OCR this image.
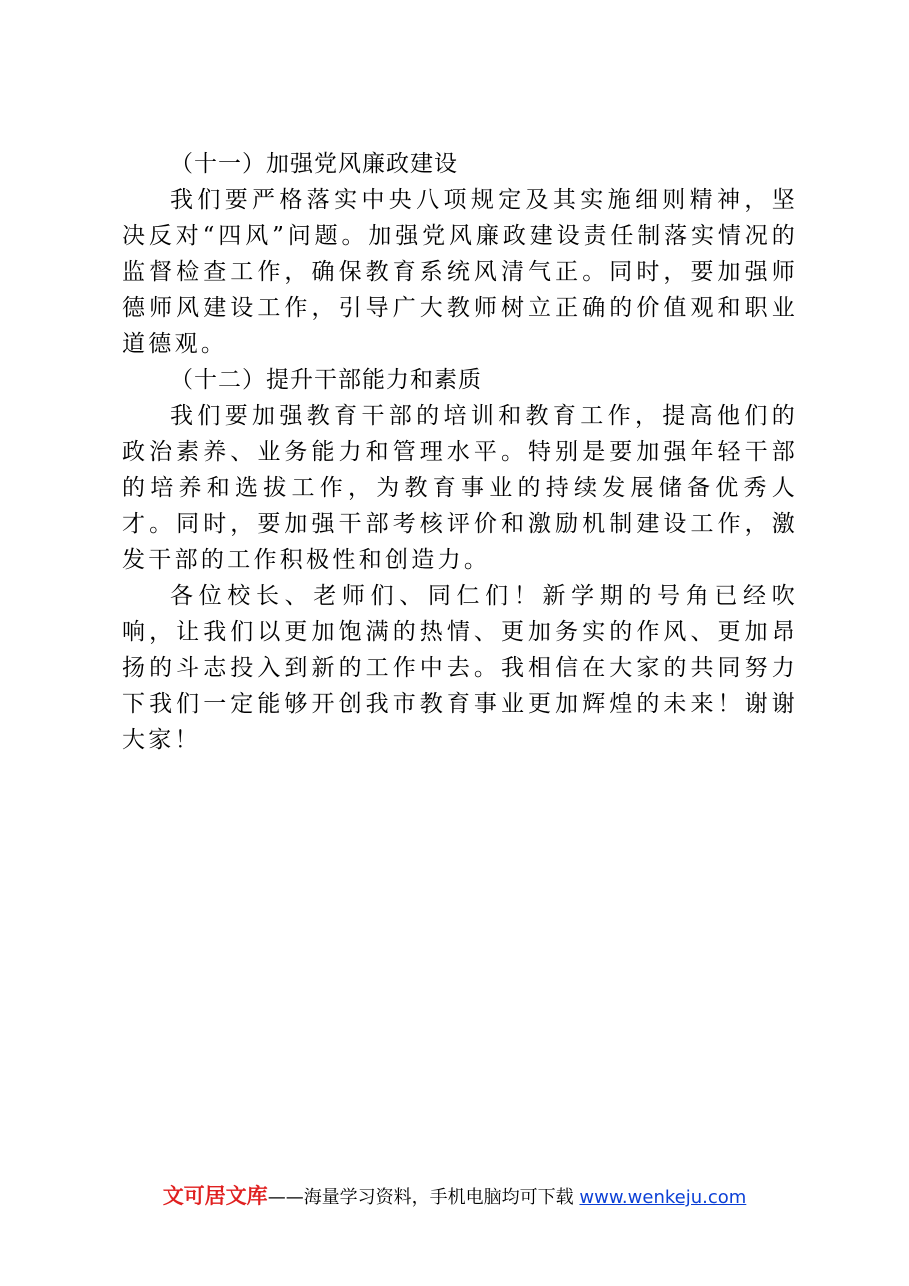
（十一）加强党风廉政建设

我们要严格落实中央八项规定及其实施细则精神，坚决反对“四风”问题。加强党风廉政建设责任制落实情况的监督检查工作，确保教育系统风清气正。同时，要加强师德师风建设工作，引导广大教师树立正确的价值观和职业道德观。

（十二）提升干部能力和素质

我们要加强教育干部的培训和教育工作，提高他们的政治素养、业务能力和管理水平。特别是要加强年轻干部的培养和选拔工作，为教育事业的持续发展储备优秀人才。同时，要加强干部考核评价和激励机制建设工作，激发干部的工作积极性和创造力。

各位校长、老师们、同仁们！新学期的号角已经吹响，让我们以更加饱满的热情、更加务实的作风、更加昂扬的斗志投入到新的工作中去。我相信在大家的共同努力下我们一定能够开创我市教育事业更加辉煌的未来！谢谢大家！

文可居文库——海量学习资料，手机电脑均可下载 www.wenkeju.com
